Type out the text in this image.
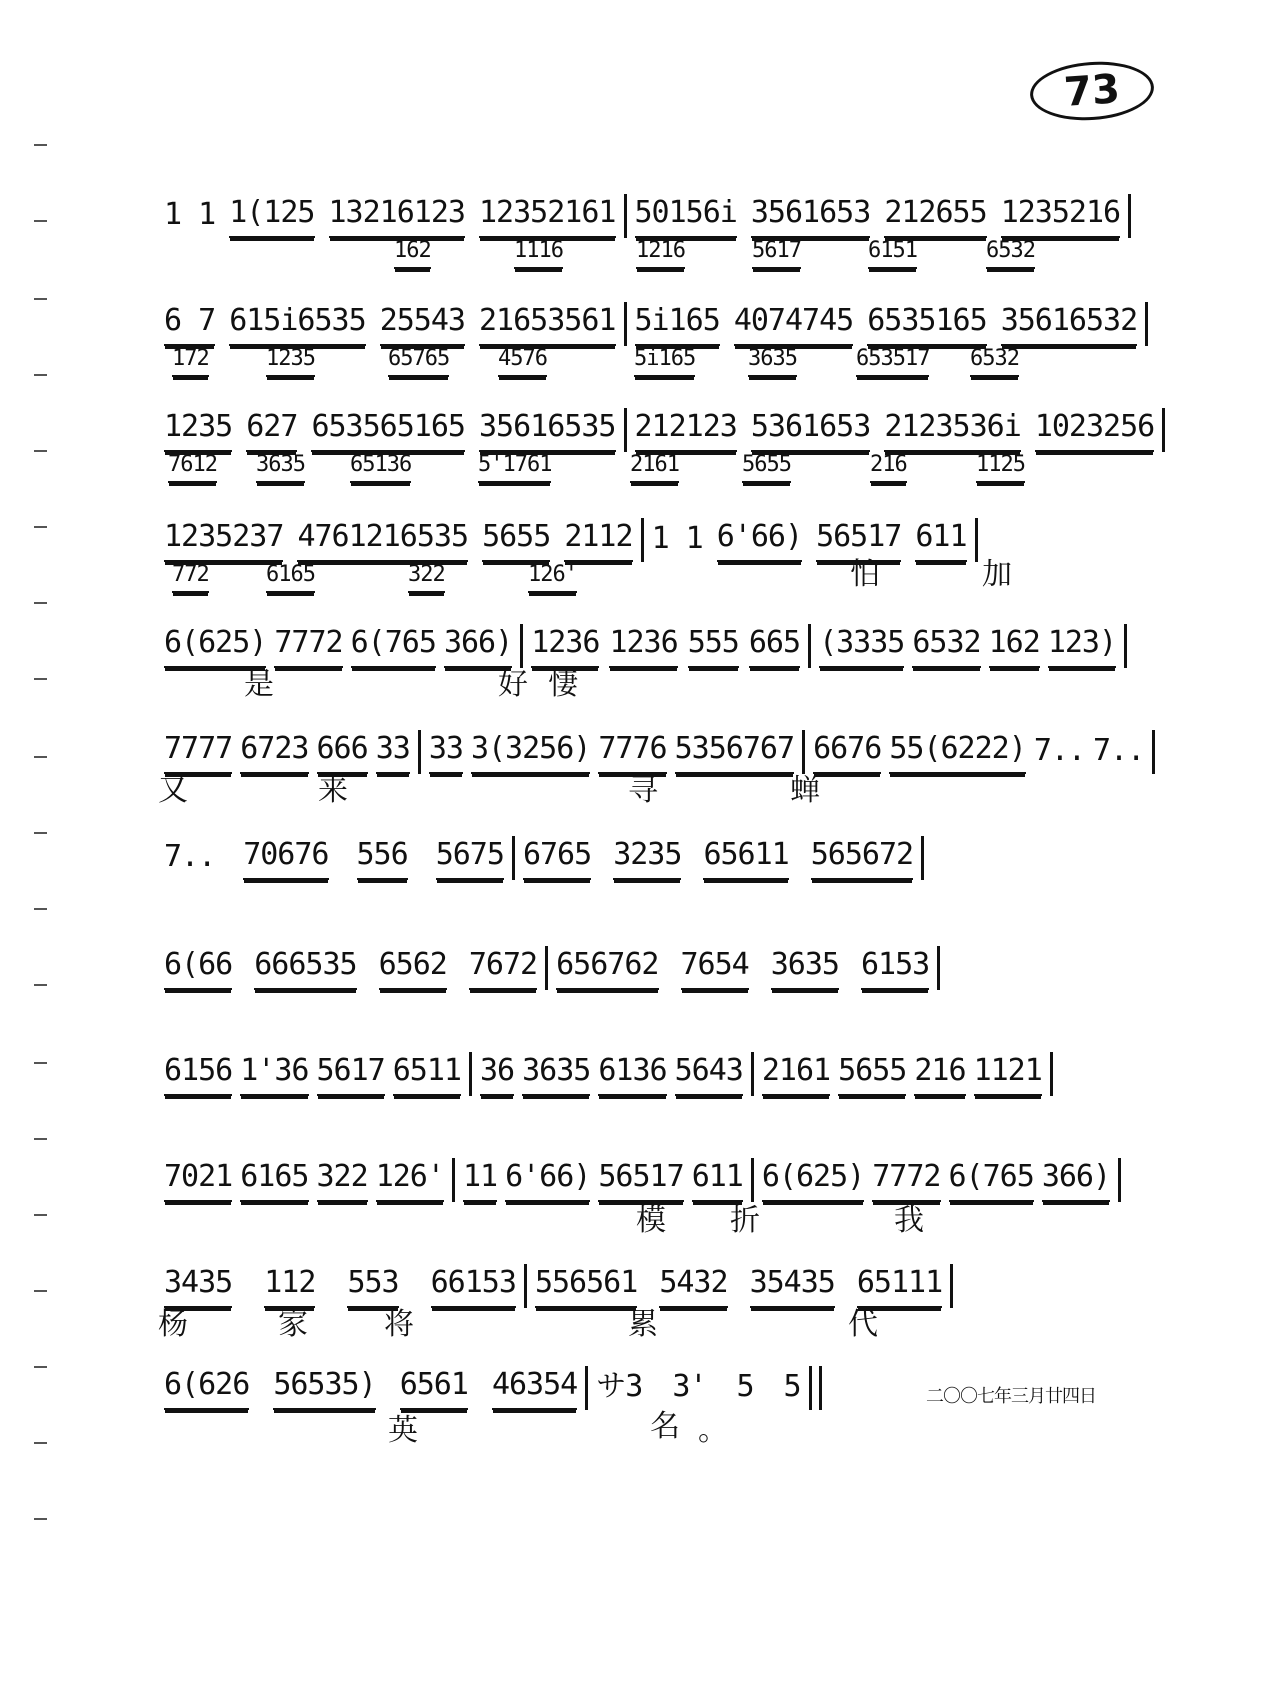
73
1 1 1(125 13216123 12352161 50156i 3561653 212655 1235216
162	1116	1216	5617	6151	6532
6 7 615i6535 25543 21653561 5i165 4074745 6535165 35616532
172	1235	65765 4576	5i165 3635	653517 6532
1235 627 653565165 35616535 212123 5361653 2123536i 1023256
7612 3635 65136	5'1761	2161	5655	216	1125
1235237 4761216535 5655 2112 1 1 6'66) 56517 611
772	6165	322	126'	怕	加
6(625) 7772 6(765 366) 1236 1236 555 665 (3335 6532 162 123)
是	好 悽
7777 6723 666 33 33 3(3256) 7776 5356767 6676 55(6222) 7.. 7..
又	来	寻	蝉
7.. 70676 556 5675 6765 3235 65611 565672
6(66 666535 6562 7672 656762 7654 3635 6153
6156 1'36 5617 6511 36 3635 6136 5643 2161 5655 216 1121
7021 6165 322 126' 11 6'66) 56517 611 6(625) 7772 6(765 366)
模 折	我
3435 112 553 66153 556561 5432 35435 65111
杨	家	将	累	代
6(626 56535) 6561 46354 サ3 3' 5 5
英	名 。
二〇〇七年三月廿四日
